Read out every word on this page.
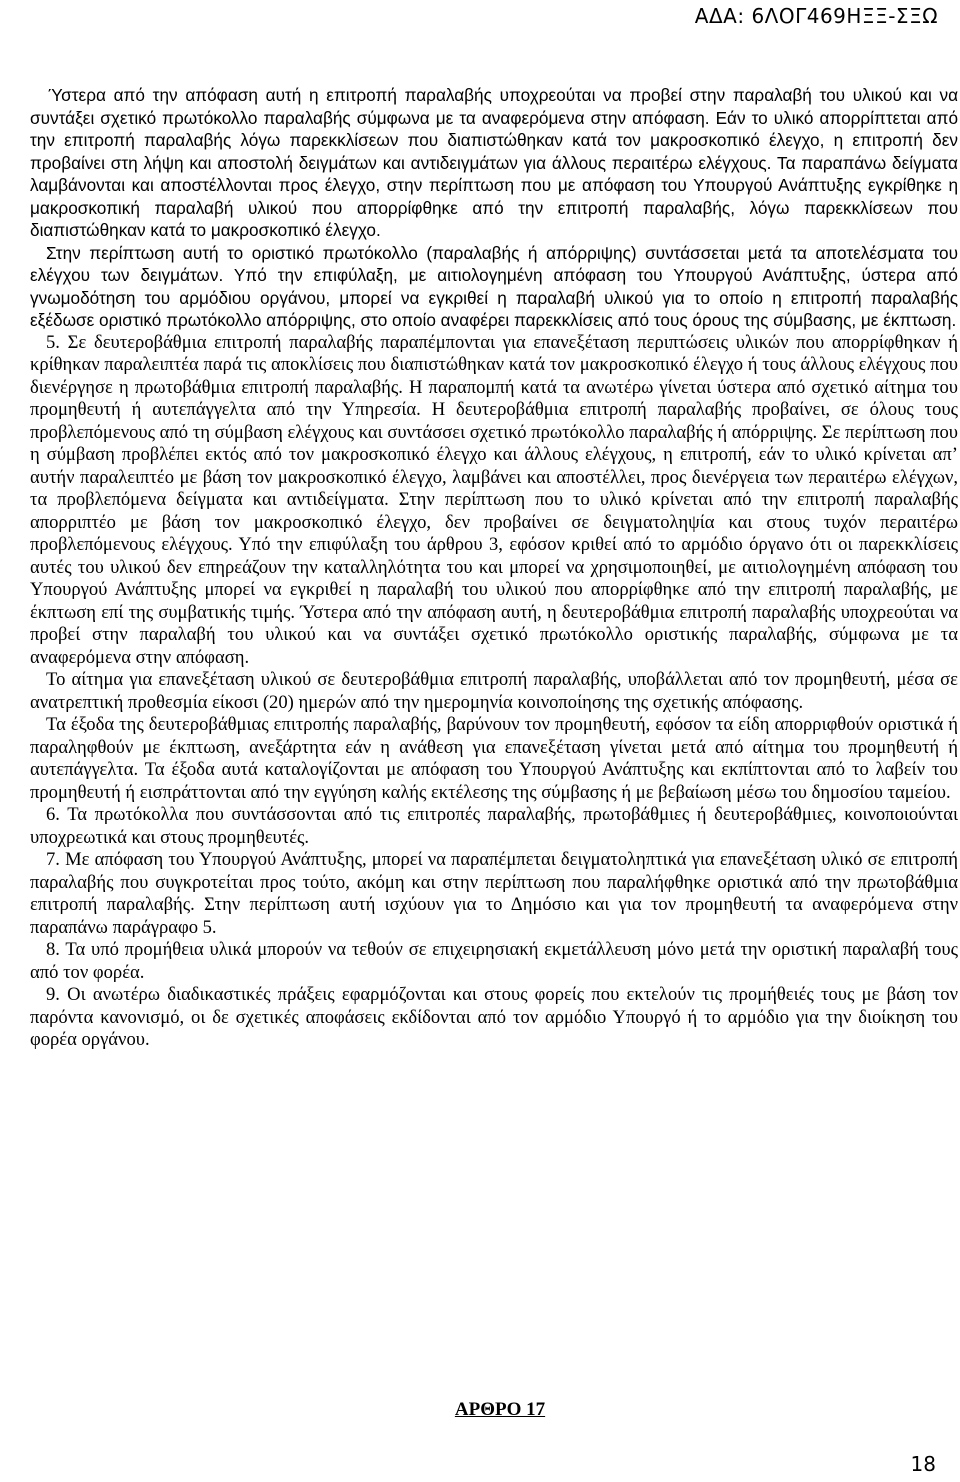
ΑΔΑ: 6ΛΟΓ469ΗΞΞ-ΣΞΩ

Ύστερα από την απόφαση αυτή η επιτροπή παραλαβής υποχρεούται να προβεί στην παραλαβή του υλικού και να συντάξει σχετικό πρωτόκολλο παραλαβής σύμφωνα με τα αναφερόμενα στην απόφαση. Εάν το υλικό απορρίπτεται από την επιτροπή παραλαβής λόγω παρεκκλίσεων που διαπιστώθηκαν κατά τον μακροσκοπικό έλεγχο, η επιτροπή δεν προβαίνει στη λήψη και αποστολή δειγμάτων και αντιδειγμάτων για άλλους περαιτέρω ελέγχους. Τα παραπάνω δείγματα λαμβάνονται και αποστέλλονται προς έλεγχο, στην περίπτωση που με απόφαση του Υπουργού Ανάπτυξης εγκρίθηκε η μακροσκοπική παραλαβή υλικού που απορρίφθηκε από την επιτροπή παραλαβής, λόγω παρεκκλίσεων που διαπιστώθηκαν κατά το μακροσκοπικό έλεγχο.

Στην περίπτωση αυτή το οριστικό πρωτόκολλο (παραλαβής ή απόρριψης) συντάσσεται μετά τα αποτελέσματα του ελέγχου των δειγμάτων. Υπό την επιφύλαξη, με αιτιολογημένη απόφαση του Υπουργού Ανάπτυξης, ύστερα από γνωμοδότηση του αρμόδιου οργάνου, μπορεί να εγκριθεί η παραλαβή υλικού για το οποίο η επιτροπή παραλαβής εξέδωσε οριστικό πρωτόκολλο απόρριψης, στο οποίο αναφέρει παρεκκλίσεις από τους όρους της σύμβασης, με έκπτωση.

5. Σε δευτεροβάθμια επιτροπή παραλαβής παραπέμπονται για επανεξέταση περιπτώσεις υλικών που απορρίφθηκαν ή κρίθηκαν παραλειπτέα παρά τις αποκλίσεις που διαπιστώθηκαν κατά τον μακροσκοπικό έλεγχο ή τους άλλους ελέγχους που διενέργησε η πρωτοβάθμια επιτροπή παραλαβής. Η παραπομπή κατά τα ανωτέρω γίνεται ύστερα από σχετικό αίτημα του προμηθευτή ή αυτεπάγγελτα από την Υπηρεσία. Η δευτεροβάθμια επιτροπή παραλαβής προβαίνει, σε όλους τους προβλεπόμενους από τη σύμβαση ελέγχους και συντάσσει σχετικό πρωτόκολλο παραλαβής ή απόρριψης. Σε περίπτωση που η σύμβαση προβλέπει εκτός από τον μακροσκοπικό έλεγχο και άλλους ελέγχους, η επιτροπή, εάν το υλικό κρίνεται απ’ αυτήν παραλειπτέο με βάση τον μακροσκοπικό έλεγχο, λαμβάνει και αποστέλλει, προς διενέργεια των περαιτέρω ελέγχων, τα προβλεπόμενα δείγματα και αντιδείγματα. Στην περίπτωση που το υλικό κρίνεται από την επιτροπή παραλαβής απορριπτέο με βάση τον μακροσκοπικό έλεγχο, δεν προβαίνει σε δειγματοληψία και στους τυχόν περαιτέρω προβλεπόμενους ελέγχους. Υπό την επιφύλαξη του άρθρου 3, εφόσον κριθεί από το αρμόδιο όργανο ότι οι παρεκκλίσεις αυτές του υλικού δεν επηρεάζουν την καταλληλότητα του και μπορεί να χρησιμοποιηθεί, με αιτιολογημένη απόφαση του Υπουργού Ανάπτυξης μπορεί να εγκριθεί η παραλαβή του υλικού που απορρίφθηκε από την επιτροπή παραλαβής, με έκπτωση επί της συμβατικής τιμής. Ύστερα από την απόφαση αυτή, η δευτεροβάθμια επιτροπή παραλαβής υποχρεούται να προβεί στην παραλαβή του υλικού και να συντάξει σχετικό πρωτόκολλο οριστικής παραλαβής, σύμφωνα με τα αναφερόμενα στην απόφαση.

Το αίτημα για επανεξέταση υλικού σε δευτεροβάθμια επιτροπή παραλαβής, υποβάλλεται από τον προμηθευτή, μέσα σε ανατρεπτική προθεσμία είκοσι (20) ημερών από την ημερομηνία κοινοποίησης της σχετικής απόφασης.

Τα έξοδα της δευτεροβάθμιας επιτροπής παραλαβής, βαρύνουν τον προμηθευτή, εφόσον τα είδη απορριφθούν οριστικά ή παραληφθούν με έκπτωση, ανεξάρτητα εάν η ανάθεση για επανεξέταση γίνεται μετά από αίτημα του προμηθευτή ή αυτεπάγγελτα. Τα έξοδα αυτά καταλογίζονται με απόφαση του Υπουργού Ανάπτυξης και εκπίπτονται από το λαβείν του προμηθευτή ή εισπράττονται από την εγγύηση καλής εκτέλεσης της σύμβασης ή με βεβαίωση μέσω του δημοσίου ταμείου.

6. Τα πρωτόκολλα που συντάσσονται από τις επιτροπές παραλαβής, πρωτοβάθμιες ή δευτεροβάθμιες, κοινοποιούνται υποχρεωτικά και στους προμηθευτές.

7. Με απόφαση του Υπουργού Ανάπτυξης, μπορεί να παραπέμπεται δειγματοληπτικά για επανεξέταση υλικό σε επιτροπή παραλαβής που συγκροτείται προς τούτο, ακόμη και στην περίπτωση που παραλήφθηκε οριστικά από την πρωτοβάθμια επιτροπή παραλαβής. Στην περίπτωση αυτή ισχύουν για το Δημόσιο και για τον προμηθευτή τα αναφερόμενα στην παραπάνω παράγραφο 5.

8. Τα υπό προμήθεια υλικά μπορούν να τεθούν σε επιχειρησιακή εκμετάλλευση μόνο μετά την οριστική παραλαβή τους από τον φορέα.

9. Οι ανωτέρω διαδικαστικές πράξεις εφαρμόζονται και στους φορείς που εκτελούν τις προμήθειές τους με βάση τον παρόντα κανονισμό, οι δε σχετικές αποφάσεις εκδίδονται από τον αρμόδιο Υπουργό ή το αρμόδιο για την διοίκηση του φορέα οργάνου.

ΑΡΘΡΟ 17
18
